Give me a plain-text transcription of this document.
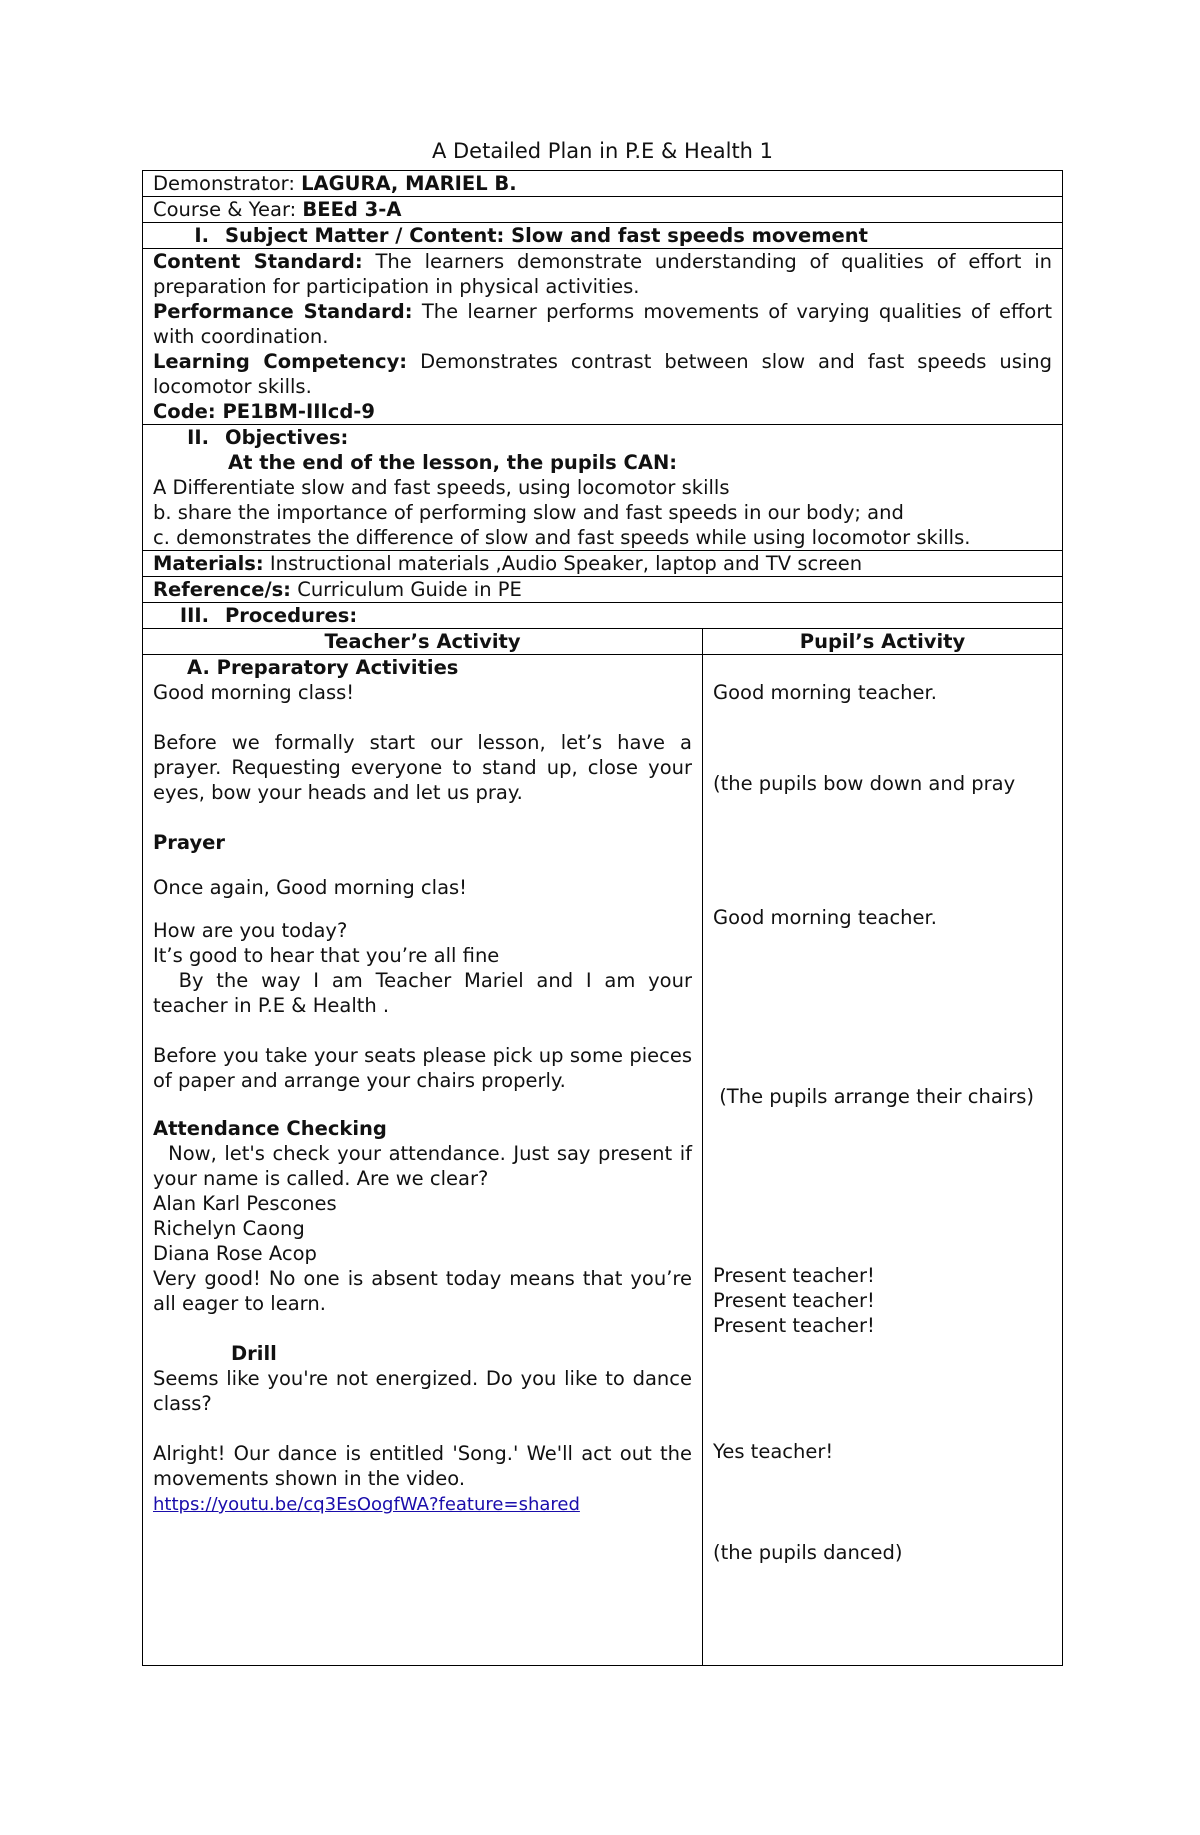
A Detailed Plan in P.E & Health 1
Demonstrator: LAGURA, MARIEL B.
Course & Year: BEEd 3-A
I. Subject Matter / Content: Slow and fast speeds movement

Content Standard: The learners demonstrate understanding of qualities of effort in preparation for participation in physical activities.

Performance Standard: The learner performs movements of varying qualities of effort with coordination.

Learning Competency: Demonstrates contrast between slow and fast speeds using locomotor skills.

Code: PE1BM-IIIcd-9

II. Objectives:

At the end of the lesson, the pupils CAN:

A Differentiate slow and fast speeds, using locomotor skills

b. share the importance of performing slow and fast speeds in our body; and

c. demonstrates the difference of slow and fast speeds while using locomotor skills.

Materials: Instructional materials ,Audio Speaker, laptop and TV screen
Reference/s: Curriculum Guide in PE
III. Procedures:
Teacher’s Activity	Pupil’s Activity

A. Preparatory Activities

Good morning class!

Before we formally start our lesson, let’s have a prayer. Requesting everyone to stand up, close your eyes, bow your heads and let us pray.

Prayer

Once again, Good morning clas!

How are you today?

It’s good to hear that you’re all fine

By the way I am Teacher Mariel and I am your teacher in P.E & Health .

Before you take your seats please pick up some pieces of paper and arrange your chairs properly.

Attendance Checking

Now, let's check your attendance. Just say present if your name is called. Are we clear?

Alan Karl Pescones

Richelyn Caong

Diana Rose Acop

Very good! No one is absent today means that you’re all eager to learn.

Drill

Seems like you're not energized. Do you like to dance class?

Alright! Our dance is entitled 'Song.' We'll act out the movements shown in the video.

https://youtu.be/cq3EsOogfWA?feature=shared

Good morning teacher.

(the pupils bow down and pray

Good morning teacher.

(The pupils arrange their chairs)

Present teacher!

Present teacher!

Present teacher!

Yes teacher!

(the pupils danced)
